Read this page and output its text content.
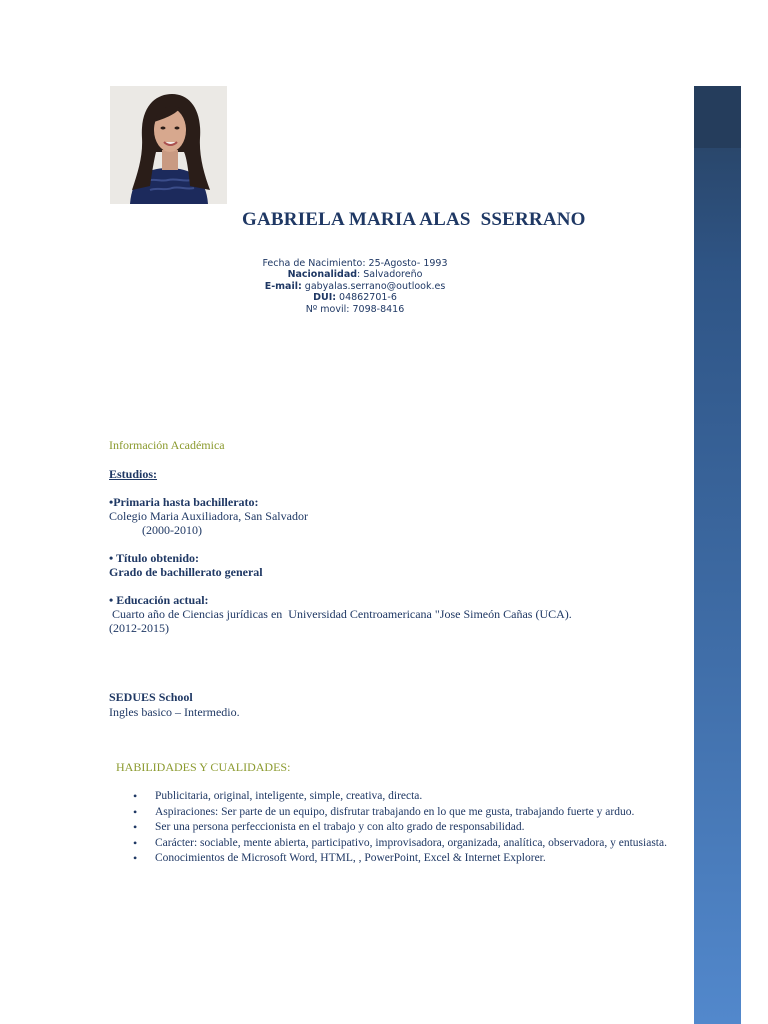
GABRIELA MARIA ALAS  SSERRANO
Fecha de Nacimiento: 25-Agosto- 1993
Nacionalidad: Salvadoreño
E-mail: gabyalas.serrano@outlook.es
DUI: 04862701-6
Nº movil: 7098-8416
Información Académica
Estudios:
•Primaria hasta bachillerato:
Colegio Maria Auxiliadora, San Salvador
(2000-2010)
• Título obtenido:
Grado de bachillerato general
• Educación actual:
Cuarto año de Ciencias jurídicas en  Universidad Centroamericana "Jose Simeón Cañas (UCA).
(2012-2015)
SEDUES School
Ingles basico – Intermedio.
HABILIDADES Y CUALIDADES:
• Publicitaria, original, inteligente, simple, creativa, directa.
• Aspiraciones: Ser parte de un equipo, disfrutar trabajando en lo que me gusta, trabajando fuerte y arduo.
• Ser una persona perfeccionista en el trabajo y con alto grado de responsabilidad.
• Carácter: sociable, mente abierta, participativo, improvisadora, organizada, analítica, observadora, y entusiasta.
• Conocimientos de Microsoft Word, HTML, , PowerPoint, Excel & Internet Explorer.
